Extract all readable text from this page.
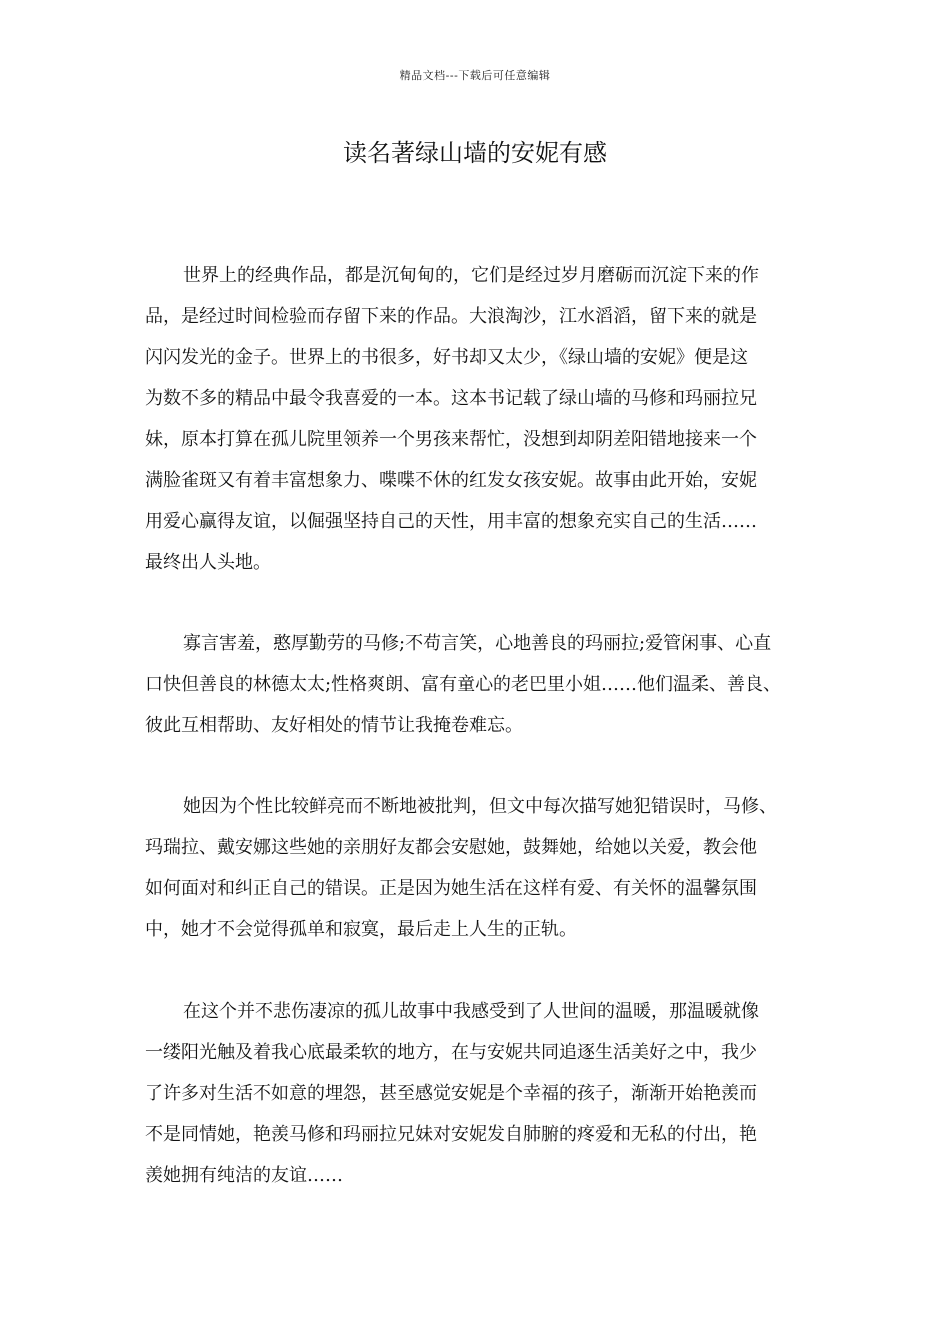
精品文档---下载后可任意编辑
读名著绿山墙的安妮有感
世界上的经典作品，都是沉甸甸的，它们是经过岁月磨砺而沉淀下来的作
品，是经过时间检验而存留下来的作品。大浪淘沙，江水滔滔，留下来的就是
闪闪发光的金子。世界上的书很多，好书却又太少，《绿山墙的安妮》便是这
为数不多的精品中最令我喜爱的一本。这本书记载了绿山墙的马修和玛丽拉兄
妹，原本打算在孤儿院里领养一个男孩来帮忙，没想到却阴差阳错地接来一个
满脸雀斑又有着丰富想象力、喋喋不休的红发女孩安妮。故事由此开始，安妮
用爱心赢得友谊，以倔强坚持自己的天性，用丰富的想象充实自己的生活……
最终出人头地。
寡言害羞，憨厚勤劳的马修;不苟言笑，心地善良的玛丽拉;爱管闲事、心直
口快但善良的林德太太;性格爽朗、富有童心的老巴里小姐……他们温柔、善良、
彼此互相帮助、友好相处的情节让我掩卷难忘。
她因为个性比较鲜亮而不断地被批判，但文中每次描写她犯错误时，马修、
玛瑞拉、戴安娜这些她的亲朋好友都会安慰她，鼓舞她，给她以关爱，教会他
如何面对和纠正自己的错误。正是因为她生活在这样有爱、有关怀的温馨氛围
中，她才不会觉得孤单和寂寞，最后走上人生的正轨。
在这个并不悲伤凄凉的孤儿故事中我感受到了人世间的温暖，那温暖就像
一缕阳光触及着我心底最柔软的地方，在与安妮共同追逐生活美好之中，我少
了许多对生活不如意的埋怨，甚至感觉安妮是个幸福的孩子，渐渐开始艳羡而
不是同情她，艳羡马修和玛丽拉兄妹对安妮发自肺腑的疼爱和无私的付出，艳
羡她拥有纯洁的友谊……
